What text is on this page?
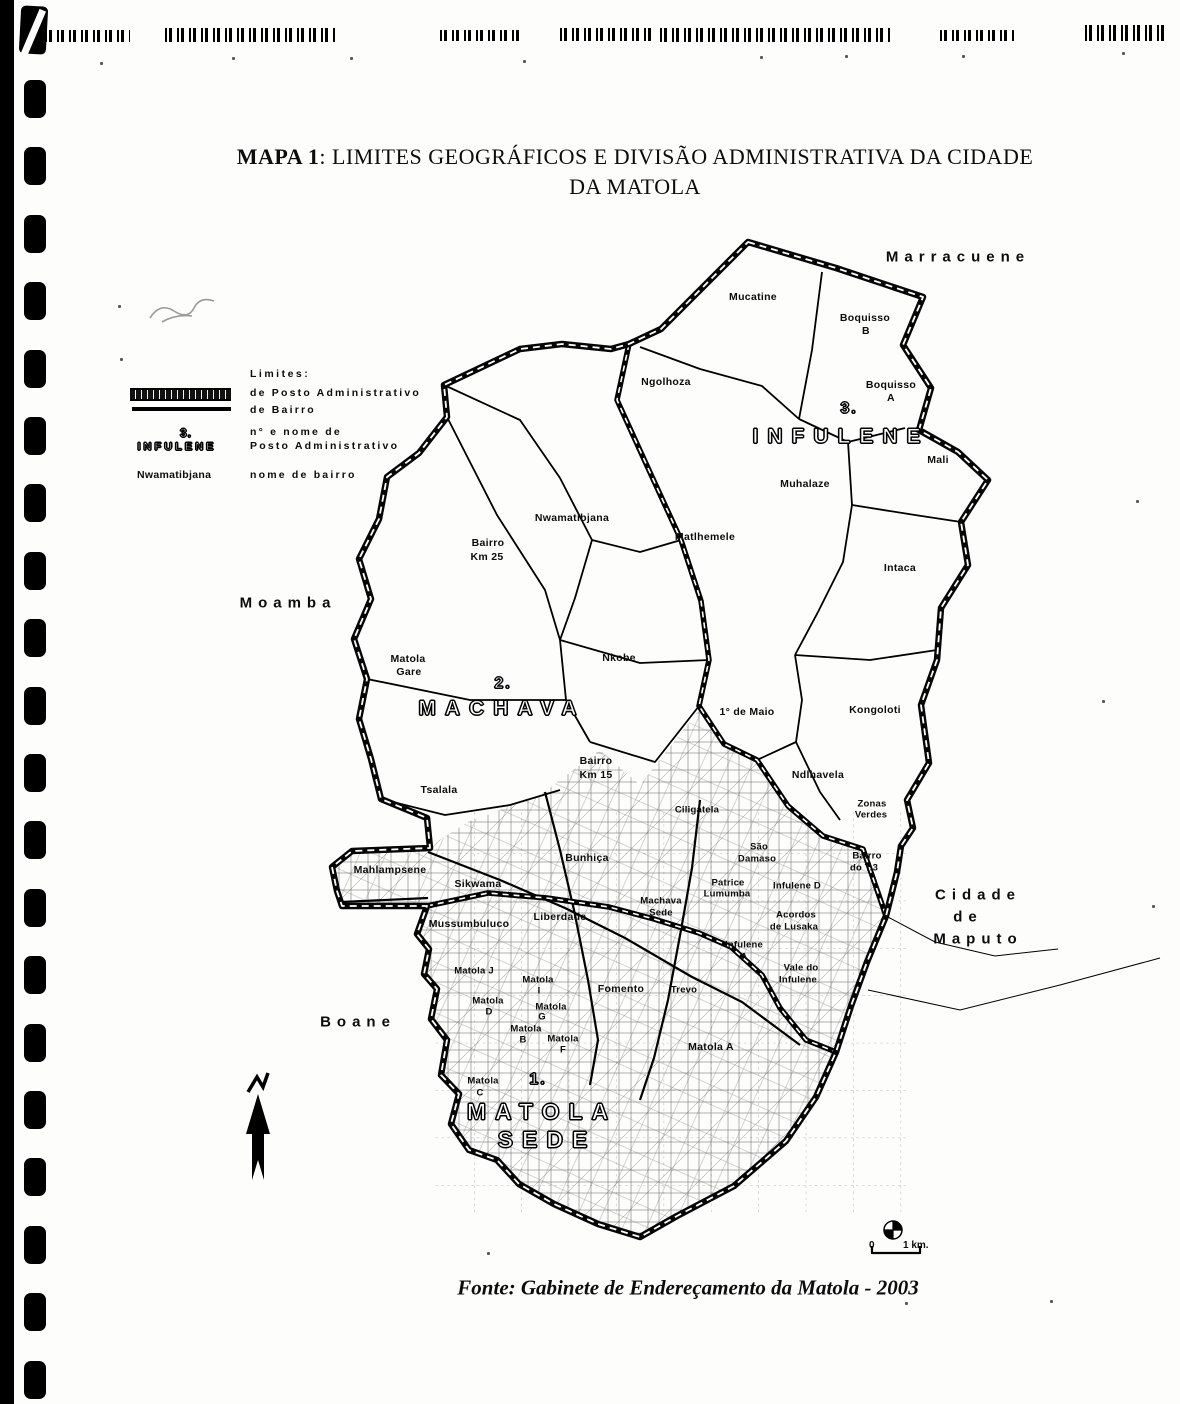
MAPA 1: LIMITES GEOGRÁFICOS E DIVISÃO ADMINISTRATIVA DA CIDADE
DA MATOLA
Limites:
de Posto Administrativo
de Bairro
3.
INFULENE
n° e nome de
Posto Administrativo
Nwamatibjana	nome de bairro
Marracuene
Moamba
Boane
Cidade
de
Maputo
3.
INFULENE
2.
MACHAVA
1.
MATOLA
SEDE
Mucatine
Boquisso
B
Ngolhoza	Boquisso
A
Mali
Muhalaze
Nwamatibjana
Matlhemele
Bairro
Km 25
Intaca
Matola
Gare
Nkobe
1° de Maio	Kongoloti
Bairro
Km 15	Ndlhavela
Tsalala
Ciligatela
Zonas
Verdes
Mahlampsene
Sikwama
Bunhiça
São
Damaso	Bairro
do T.3
Machava
Sede
Patrice
Lumumba
Mussumbuluco
Liberdade
Infulene D
Acordos
de Lusaka
Infulene
A
Vale do
Infulene
Matola J
Matola
I
Matola
D	Matola
G
Matola
B Matola
F
Fomento	Trevo
Matola A
Matola
C
0	1 km.
Fonte: Gabinete de Endereçamento da Matola - 2003
